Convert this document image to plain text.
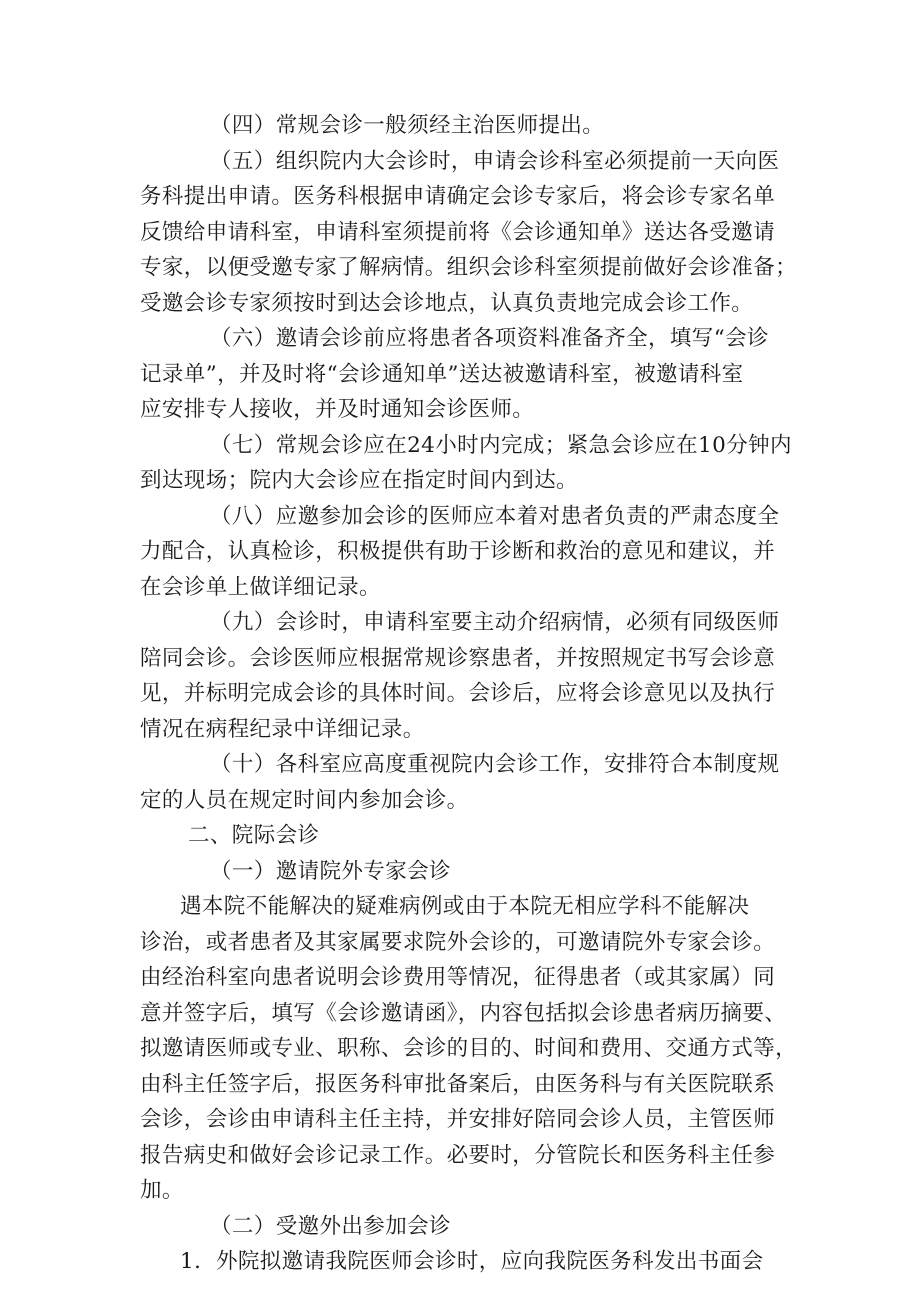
（四）常规会诊一般须经主治医师提出。
（五）组织院内大会诊时，申请会诊科室必须提前一天向医
务科提出申请。医务科根据申请确定会诊专家后，将会诊专家名单
反馈给申请科室，申请科室须提前将《会诊通知单》送达各受邀请
专家，以便受邀专家了解病情。组织会诊科室须提前做好会诊准备；
受邀会诊专家须按时到达会诊地点，认真负责地完成会诊工作。
（六）邀请会诊前应将患者各项资料准备齐全，填写“会诊
记录单”，并及时将“会诊通知单”送达被邀请科室，被邀请科室
应安排专人接收，并及时通知会诊医师。
（七）常规会诊应在24小时内完成；紧急会诊应在10分钟内
到达现场；院内大会诊应在指定时间内到达。
（八）应邀参加会诊的医师应本着对患者负责的严肃态度全
力配合，认真检诊，积极提供有助于诊断和救治的意见和建议，并
在会诊单上做详细记录。
（九）会诊时，申请科室要主动介绍病情，必须有同级医师
陪同会诊。会诊医师应根据常规诊察患者，并按照规定书写会诊意
见，并标明完成会诊的具体时间。会诊后，应将会诊意见以及执行
情况在病程纪录中详细记录。
（十）各科室应高度重视院内会诊工作，安排符合本制度规
定的人员在规定时间内参加会诊。
二、院际会诊
（一）邀请院外专家会诊
遇本院不能解决的疑难病例或由于本院无相应学科不能解决
诊治，或者患者及其家属要求院外会诊的，可邀请院外专家会诊。
由经治科室向患者说明会诊费用等情况，征得患者（或其家属）同
意并签字后，填写《会诊邀请函》，内容包括拟会诊患者病历摘要、
拟邀请医师或专业、职称、会诊的目的、时间和费用、交通方式等，
由科主任签字后，报医务科审批备案后，由医务科与有关医院联系
会诊，会诊由申请科主任主持，并安排好陪同会诊人员，主管医师
报告病史和做好会诊记录工作。必要时，分管院长和医务科主任参
加。
（二）受邀外出参加会诊
1．外院拟邀请我院医师会诊时，应向我院医务科发出书面会
